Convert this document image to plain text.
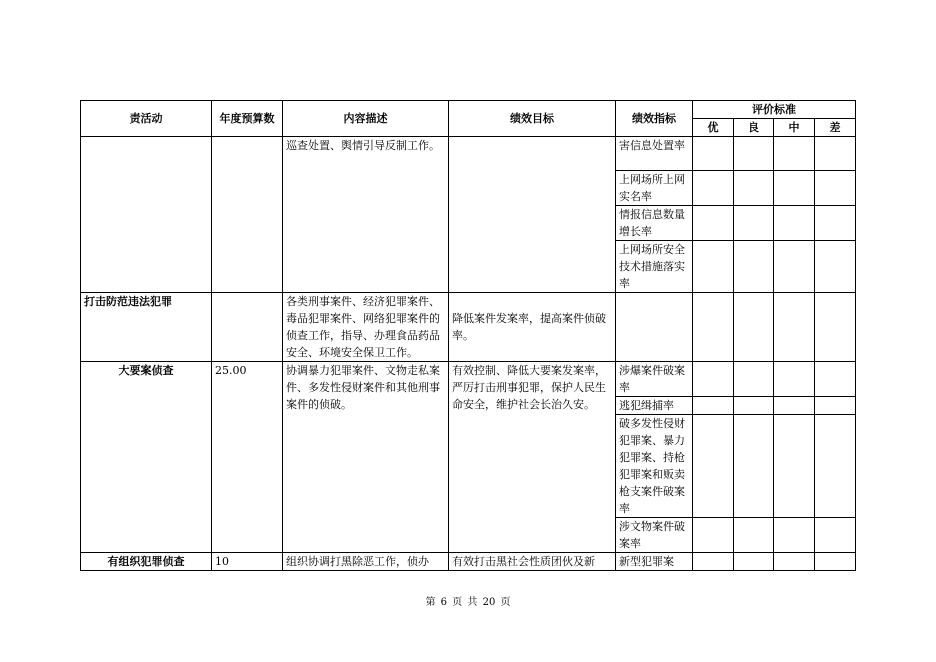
责活动	年度预算数	内容描述	绩效目标	绩效指标	评价标准			
					优	良	中	差
		巡查处置、舆情引导反制工作。		害信息处置率				
				上网场所上网实名率				
				情报信息数量增长率				
				上网场所安全技术措施落实率				
打击防范违法犯罪		各类刑事案件、经济犯罪案件、毒品犯罪案件、网络犯罪案件的侦查工作，指导、办理食品药品安全、环境安全保卫工作。	降低案件发案率，提高案件侦破率。					
大要案侦查	25.00	协调暴力犯罪案件、文物走私案件、多发性侵财案件和其他刑事案件的侦破。	有效控制、降低大要案发案率，严厉打击刑事犯罪，保护人民生命安全，维护社会长治久安。	涉爆案件破案率				
				逃犯缉捕率				
				破多发性侵财犯罪案、暴力犯罪案、持枪犯罪案和贩卖枪支案件破案率				
				涉文物案件破案率				
有组织犯罪侦查	10	组织协调打黑除恶工作，侦办	有效打击黑社会性质团伙及新	新型犯罪案				
第 6 页 共 20 页
